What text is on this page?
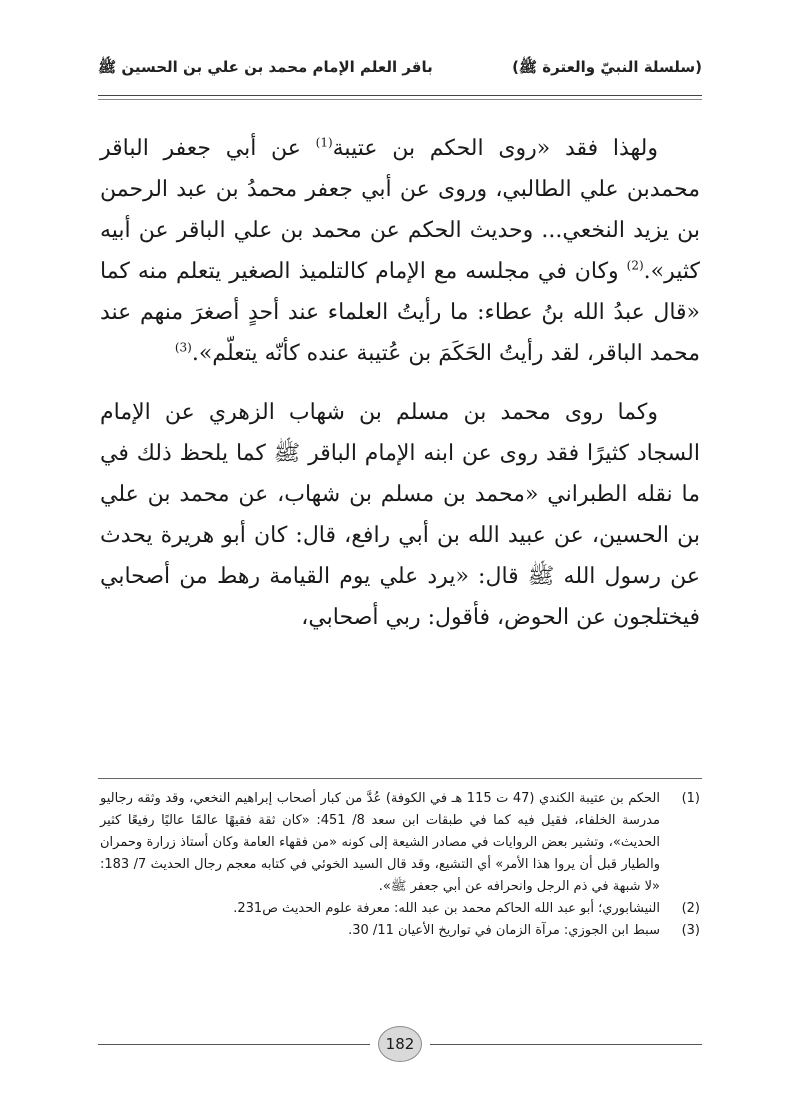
(سلسلة النبيّ والعترة ﷺ)
باقر العلم الإمام محمد بن علي بن الحسين ﷺ

ولهذا فقد «روى الحكم بن عتيبة$^{(1)}$ عن أبي جعفر الباقر محمدبن علي الطالبي، وروى عن أبي جعفر محمدُ بن عبد الرحمن بن يزيد النخعي... وحديث الحكم عن محمد بن علي الباقر عن أبيه كثير».$^{(2)}$ وكان في مجلسه مع الإمام كالتلميذ الصغير يتعلم منه كما «قال عبدُ الله بنُ عطاء: ما رأيتُ العلماء عند أحدٍ أصغرَ منهم عند محمد الباقر، لقد رأيتُ الحَكَمَ بن عُتيبة عنده كأنّه يتعلّم».$^{(3)}$

وكما روى محمد بن مسلم بن شهاب الزهري عن الإمام السجاد كثيرًا فقد روى عن ابنه الإمام الباقر ﷺ كما يلحظ ذلك في ما نقله الطبراني «محمد بن مسلم بن شهاب، عن محمد بن علي بن الحسين، عن عبيد الله بن أبي رافع، قال: كان أبو هريرة يحدث عن رسول الله ﷺ قال: «يرد علي يوم القيامة رهط من أصحابي فيختلجون عن الحوض، فأقول: ربي أصحابي،

(1)
الحكم بن عتيبة الكندي (47 ت 115 هـ في الكوفة) عُدَّ من كبار أصحاب إبراهيم النخعي، وقد وثقه رجاليو مدرسة الخلفاء، فقيل فيه كما في طبقات ابن سعد 8/ 451: «كان ثقة فقيهًا عالمًا عاليًا رفيعًا كثير الحديث»، وتشير بعض الروايات في مصادر الشيعة إلى كونه «من فقهاء العامة وكان أستاذ زرارة وحمران والطيار قبل أن يروا هذا الأمر» أي التشيع، وقد قال السيد الخوئي في كتابه معجم رجال الحديث 7/ 183: «لا شبهة في ذم الرجل وانحرافه عن أبي جعفر ﷺ».
(2)
النيشابوري؛ أبو عبد الله الحاكم محمد بن عبد الله: معرفة علوم الحديث ص231.
(3)
سبط ابن الجوزي: مرآة الزمان في تواريخ الأعيان 11/ 30.
182
